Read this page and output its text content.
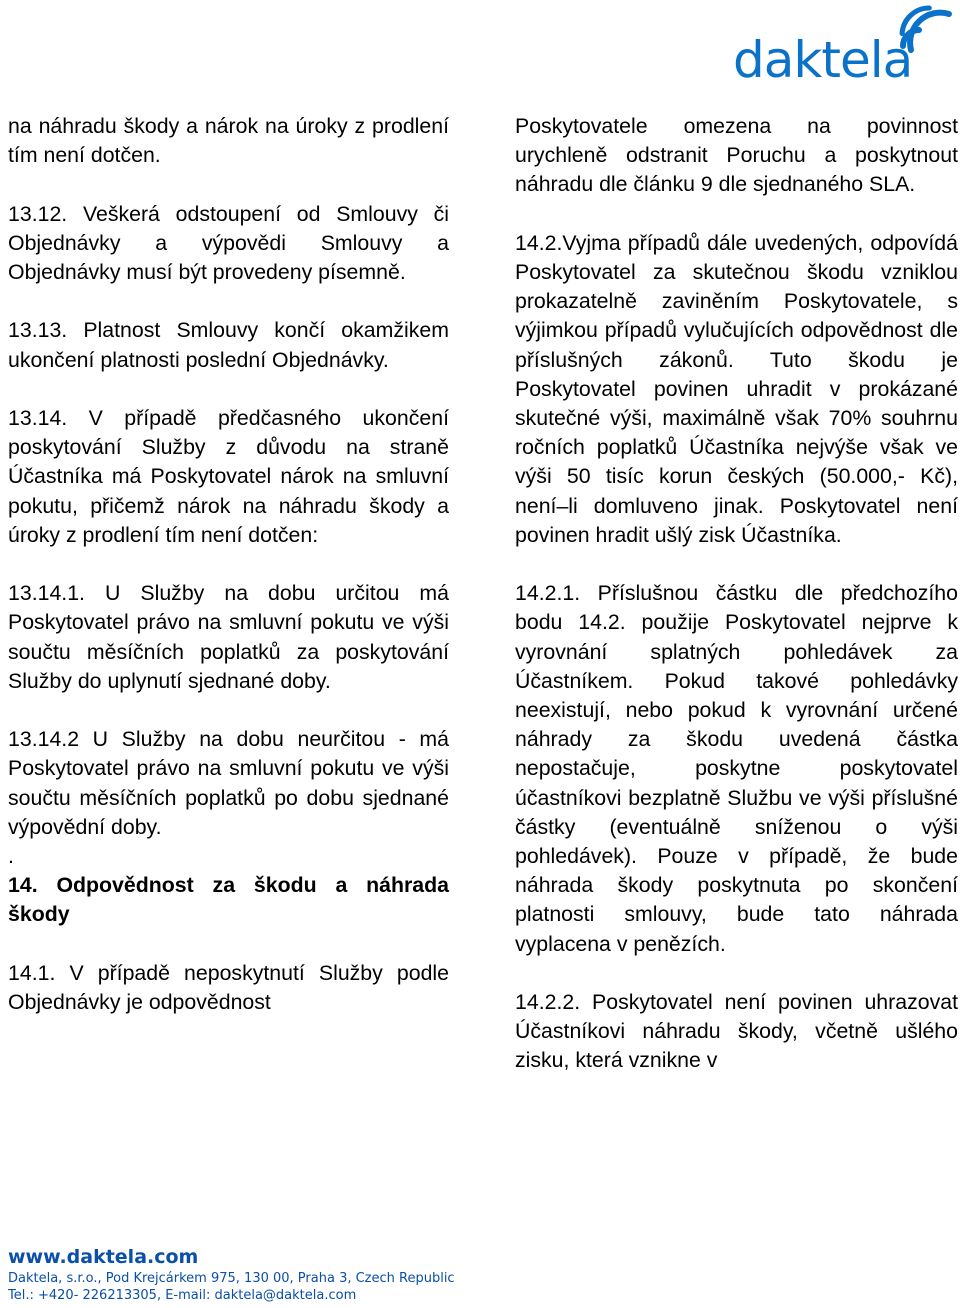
daktela

na náhradu škody a nárok na úroky z prodlení tím není dotčen.

13.12. Veškerá odstoupení od Smlouvy či Objednávky a výpovědi Smlouvy a Objednávky musí být provedeny písemně.

13.13. Platnost Smlouvy končí okamžikem ukončení platnosti poslední Objednávky.

13.14. V případě předčasného ukončení poskytování Služby z důvodu na straně Účastníka má Poskytovatel nárok na smluvní pokutu, přičemž nárok na náhradu škody a úroky z prodlení tím není dotčen:

13.14.1. U Služby na dobu určitou má Poskytovatel právo na smluvní pokutu ve výši součtu měsíčních poplatků za poskytování Služby do uplynutí sjednané doby.

13.14.2 U Služby na dobu neurčitou - má Poskytovatel právo na smluvní pokutu ve výši součtu měsíčních poplatků po dobu sjednané výpovědní doby.

.

14. Odpovědnost za škodu a náhrada škody

14.1. V případě neposkytnutí Služby podle Objednávky je odpovědnost

Poskytovatele omezena na povinnost urychleně odstranit Poruchu a poskytnout náhradu dle článku 9 dle sjednaného SLA.

14.2.Vyjma případů dále uvedených, odpovídá Poskytovatel za skutečnou škodu vzniklou prokazatelně zaviněním Poskytovatele, s výjimkou případů vylučujících odpovědnost dle příslušných zákonů. Tuto škodu je Poskytovatel povinen uhradit v prokázané skutečné výši, maximálně však 70% souhrnu ročních poplatků Účastníka nejvýše však ve výši 50 tisíc korun českých (50.000,- Kč), není–li domluveno jinak. Poskytovatel není povinen hradit ušlý zisk Účastníka.

14.2.1. Příslušnou částku dle předchozího bodu 14.2. použije Poskytovatel nejprve k vyrovnání splatných pohledávek za Účastníkem. Pokud takové pohledávky neexistují, nebo pokud k vyrovnání určené náhrady za škodu uvedená částka nepostačuje, poskytne poskytovatel účastníkovi bezplatně Službu ve výši příslušné částky (eventuálně sníženou o výši pohledávek). Pouze v případě, že bude náhrada škody poskytnuta po skončení platnosti smlouvy, bude tato náhrada vyplacena v penězích.

14.2.2. Poskytovatel není povinen uhrazovat Účastníkovi náhradu škody, včetně ušlého zisku, která vznikne v

www.daktela.com
Daktela, s.r.o., Pod Krejcárkem 975, 130 00, Praha 3, Czech Republic
Tel.: +420- 226213305, E-mail: daktela@daktela.com
